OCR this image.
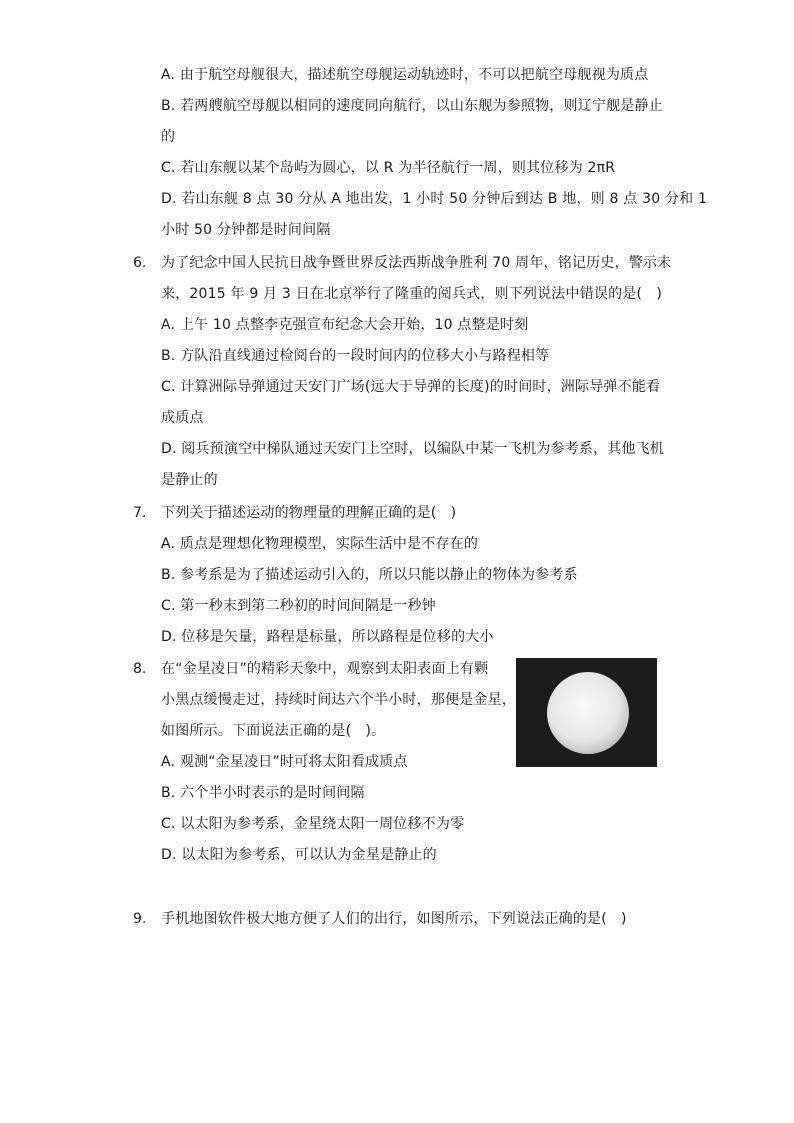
A. 由于航空母舰很大，描述航空母舰运动轨迹时，不可以把航空母舰视为质点
B. 若两艘航空母舰以相同的速度同向航行，以山东舰为参照物，则辽宁舰是静止
的
C. 若山东舰以某个岛屿为圆心，以 R 为半径航行一周，则其位移为 2πR
D. 若山东舰 8 点 30 分从 A 地出发，1 小时 50 分钟后到达 B 地，则 8 点 30 分和 1
小时 50 分钟都是时间间隔
6. 为了纪念中国人民抗日战争暨世界反法西斯战争胜利 70 周年，铭记历史，警示未
来，2015 年 9 月 3 日在北京举行了隆重的阅兵式，则下列说法中错误的是(　)
A. 上午 10 点整李克强宣布纪念大会开始，10 点整是时刻
B. 方队沿直线通过检阅台的一段时间内的位移大小与路程相等
C. 计算洲际导弹通过天安门广场(远大于导弹的长度)的时间时，洲际导弹不能看
成质点
D. 阅兵预演空中梯队通过天安门上空时，以编队中某一飞机为参考系，其他飞机
是静止的
7. 下列关于描述运动的物理量的理解正确的是(　)
A. 质点是理想化物理模型，实际生活中是不存在的
B. 参考系是为了描述运动引入的，所以只能以静止的物体为参考系
C. 第一秒末到第二秒初的时间间隔是一秒钟
D. 位移是矢量，路程是标量，所以路程是位移的大小
8. 在“金星凌日”的精彩天象中，观察到太阳表面上有颗
小黑点缓慢走过，持续时间达六个半小时，那便是金星，
如图所示。下面说法正确的是(　)。
A. 观测“金星凌日”时可将太阳看成质点
B. 六个半小时表示的是时间间隔
C. 以太阳为参考系，金星绕太阳一周位移不为零
D. 以太阳为参考系，可以认为金星是静止的
9. 手机地图软件极大地方便了人们的出行，如图所示，下列说法正确的是(　)
